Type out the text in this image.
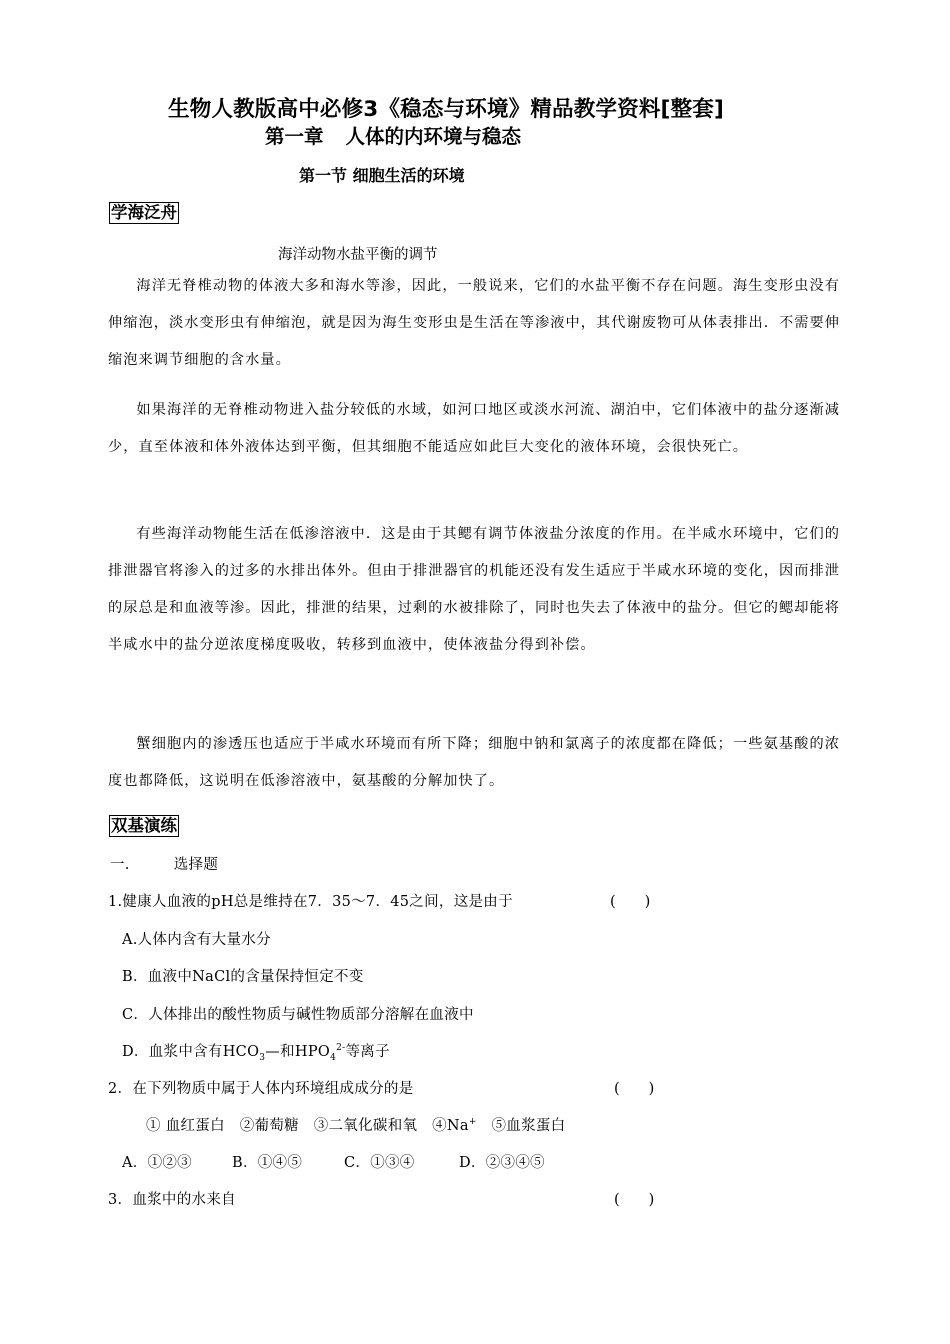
生物人教版高中必修3《稳态与环境》精品教学资料[整套]
第一章 人体的内环境与稳态
第一节 细胞生活的环境
学海泛舟
海洋动物水盐平衡的调节
海洋无脊椎动物的体液大多和海水等渗，因此，一般说来，它们的水盐平衡不存在问题。海生变形虫没有伸缩泡，淡水变形虫有伸缩泡，就是因为海生变形虫是生活在等渗液中，其代谢废物可从体表排出．不需要伸缩泡来调节细胞的含水量。
如果海洋的无脊椎动物进入盐分较低的水域，如河口地区或淡水河流、湖泊中，它们体液中的盐分逐渐减少，直至体液和体外液体达到平衡，但其细胞不能适应如此巨大变化的液体环境，会很快死亡。
有些海洋动物能生活在低渗溶液中．这是由于其鳃有调节体液盐分浓度的作用。在半咸水环境中，它们的排泄器官将渗入的过多的水排出体外。但由于排泄器官的机能还没有发生适应于半咸水环境的变化，因而排泄的尿总是和血液等渗。因此，排泄的结果，过剩的水被排除了，同时也失去了体液中的盐分。但它的鳃却能将半咸水中的盐分逆浓度梯度吸收，转移到血液中，使体液盐分得到补偿。
蟹细胞内的渗透压也适应于半咸水环境而有所下降；细胞中钠和氯离子的浓度都在降低；一些氨基酸的浓度也都降低，这说明在低渗溶液中，氨基酸的分解加快了。
双基演练
一.	选择题
1.健康人血液的pH总是维持在7．35～7．45之间，这是由于	(　　)
A.人体内含有大量水分
B．血液中NaCl的含量保持恒定不变
C．人体排出的酸性物质与碱性物质部分溶解在血液中
D．血浆中含有$HCO_3—$和$HPO_4^{2-}$等离子
2．在下列物质中属于人体内环境组成成分的是	(　　)
① 血红蛋白　②葡萄糖　③二氧化碳和氧　④Na+　⑤血浆蛋白
A．①②③	B．①④⑤	C．①③④	D．②③④⑤
3．血浆中的水来自	(　　)
